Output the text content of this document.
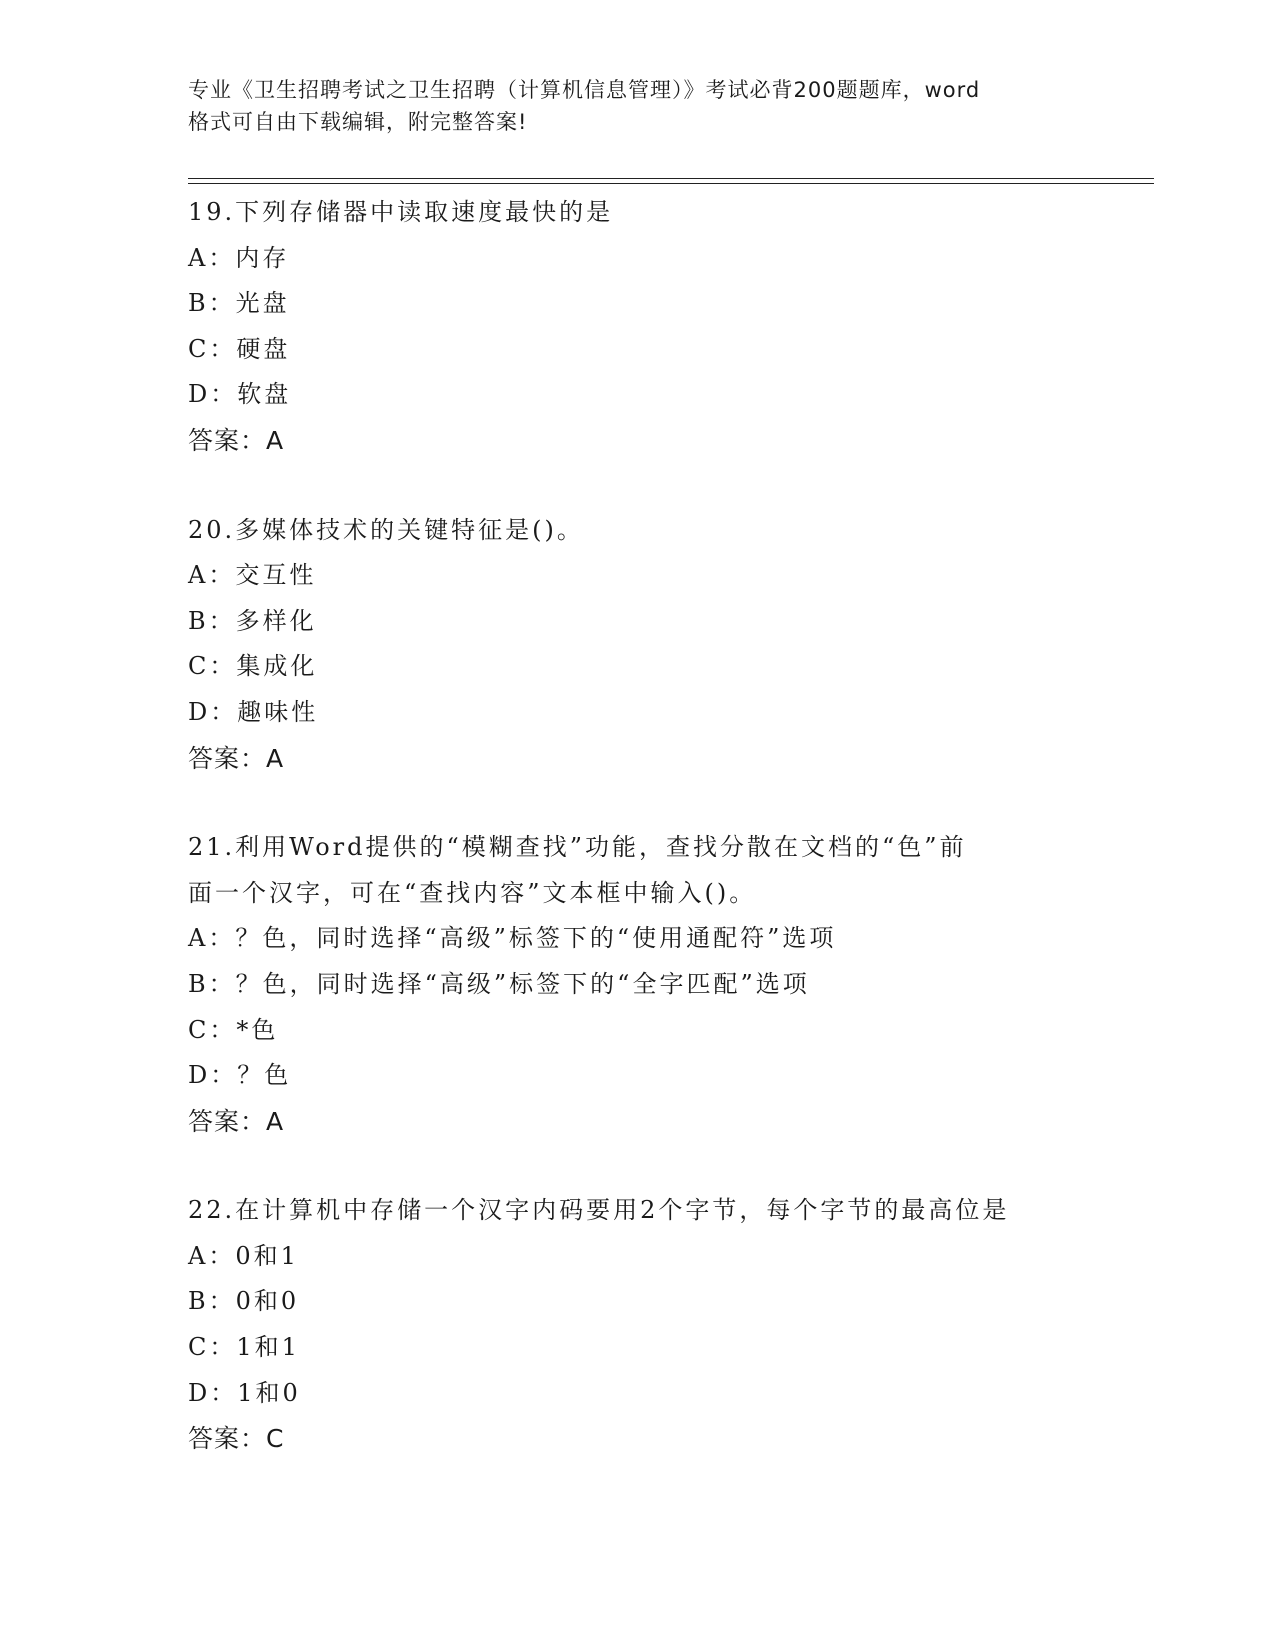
专业《卫生招聘考试之卫生招聘（计算机信息管理）》考试必背200题题库，word
格式可自由下载编辑，附完整答案!
19.下列存储器中读取速度最快的是
A：内存
B：光盘
C：硬盘
D：软盘
答案：A
20.多媒体技术的关键特征是()。
A：交互性
B：多样化
C：集成化
D：趣味性
答案：A
21.利用Word提供的“模糊查找”功能，查找分散在文档的“色”前
面一个汉字，可在“查找内容”文本框中输入()。
A：？色，同时选择“高级”标签下的“使用通配符”选项
B：？色，同时选择“高级”标签下的“全字匹配”选项
C：*色
D：？色
答案：A
22.在计算机中存储一个汉字内码要用2个字节，每个字节的最高位是
A：0和1
B：0和0
C：1和1
D：1和0
答案：C
